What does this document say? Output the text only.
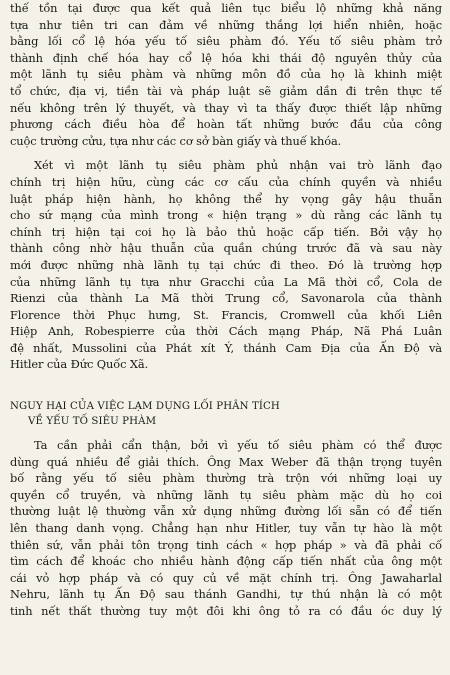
thế tồn tại được qua kết quả liên tục biểu lộ những khả năng
tựa như tiên tri can đảm về những thắng lợi hiển nhiên, hoặc
bằng lối cổ lệ hóa yếu tố siêu phàm đó. Yếu tố siêu phàm trở
thành định chế hóa hay cổ lệ hóa khi thái độ nguyên thủy của
một lãnh tụ siêu phàm và những môn đồ của họ là khinh miệt
tổ chức, địa vị, tiền tài và pháp luật sẽ giảm dần đi trên thực tế
nếu không trên lý thuyết, và thay vì ta thấy được thiết lập những
phương cách điều hòa để hoàn tất những bước đầu của công
cuộc trường cửu, tựa như các cơ sở bàn giấy và thuế khóa.
Xét vì một lãnh tụ siêu phàm phủ nhận vai trò lãnh đạo
chính trị hiện hữu, cùng các cơ cấu của chính quyền và nhiều
luật pháp hiện hành, họ không thể hy vọng gây hậu thuẫn
cho sứ mạng của mình trong « hiện trạng » dù rằng các lãnh tụ
chính trị hiện tại coi họ là bảo thủ hoặc cấp tiến. Bởi vậy họ
thành công nhờ hậu thuẫn của quần chúng trước đã và sau này
mới được những nhà lãnh tụ tại chức đi theo. Đó là trường hợp
của những lãnh tụ tựa như Gracchi của La Mã thời cổ, Cola de
Rienzi của thành La Mã thời Trung cổ, Savonarola của thành
Florence thời Phục hưng, St. Francis, Cromwell của khối Liên
Hiệp Anh, Robespierre của thời Cách mạng Pháp, Nã Phá Luân
đệ nhất, Mussolini của Phát xít Ý, thánh Cam Địa của Ấn Độ và
Hitler của Đức Quốc Xã.
NGUY HẠI CỦA VIỆC LẠM DỤNG LỐI PHÂN TÍCH
VỀ YẾU TỐ SIÊU PHÀM
Ta cần phải cẩn thận, bởi vì yếu tố siêu phàm có thể được
dùng quá nhiều để giải thích. Ông Max Weber đã thận trọng tuyên
bố rằng yếu tố siêu phàm thường trà trộn với những loại uy
quyền cổ truyền, và những lãnh tụ siêu phàm mặc dù họ coi
thường luật lệ thường vẫn xử dụng những đường lối sẵn có để tiến
lên thang danh vọng. Chẳng hạn như Hitler, tuy vẫn tự hào là một
thiên sứ, vẫn phải tôn trọng tinh cách « hợp pháp » và đã phải cố
tìm cách để khoác cho nhiều hành động cấp tiến nhất của ông một
cái vỏ hợp pháp và có quy củ về mặt chính trị. Ông Jawaharlal
Nehru, lãnh tụ Ấn Độ sau thánh Gandhi, tự thú nhận là có một
tinh nết thất thường tuy một đôi khi ông tỏ ra có đầu óc duy lý
